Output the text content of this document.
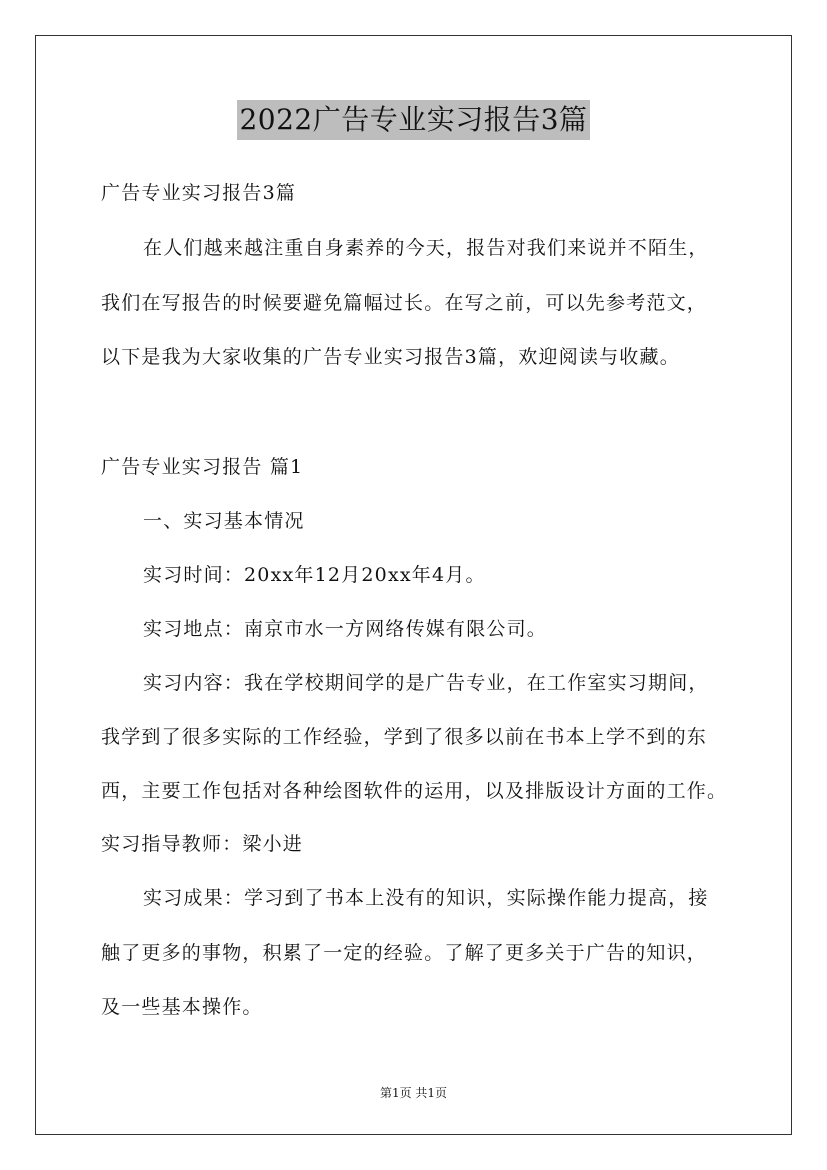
2022广告专业实习报告3篇
广告专业实习报告3篇
在人们越来越注重自身素养的今天，报告对我们来说并不陌生，
我们在写报告的时候要避免篇幅过长。在写之前，可以先参考范文，
以下是我为大家收集的广告专业实习报告3篇，欢迎阅读与收藏。
广告专业实习报告 篇1
一、实习基本情况
实习时间：20xx年12月20xx年4月。
实习地点：南京市水一方网络传媒有限公司。
实习内容：我在学校期间学的是广告专业，在工作室实习期间，
我学到了很多实际的工作经验，学到了很多以前在书本上学不到的东
西，主要工作包括对各种绘图软件的运用，以及排版设计方面的工作。
实习指导教师：梁小进
实习成果：学习到了书本上没有的知识，实际操作能力提高，接
触了更多的事物，积累了一定的经验。了解了更多关于广告的知识，
及一些基本操作。
第1页 共1页
